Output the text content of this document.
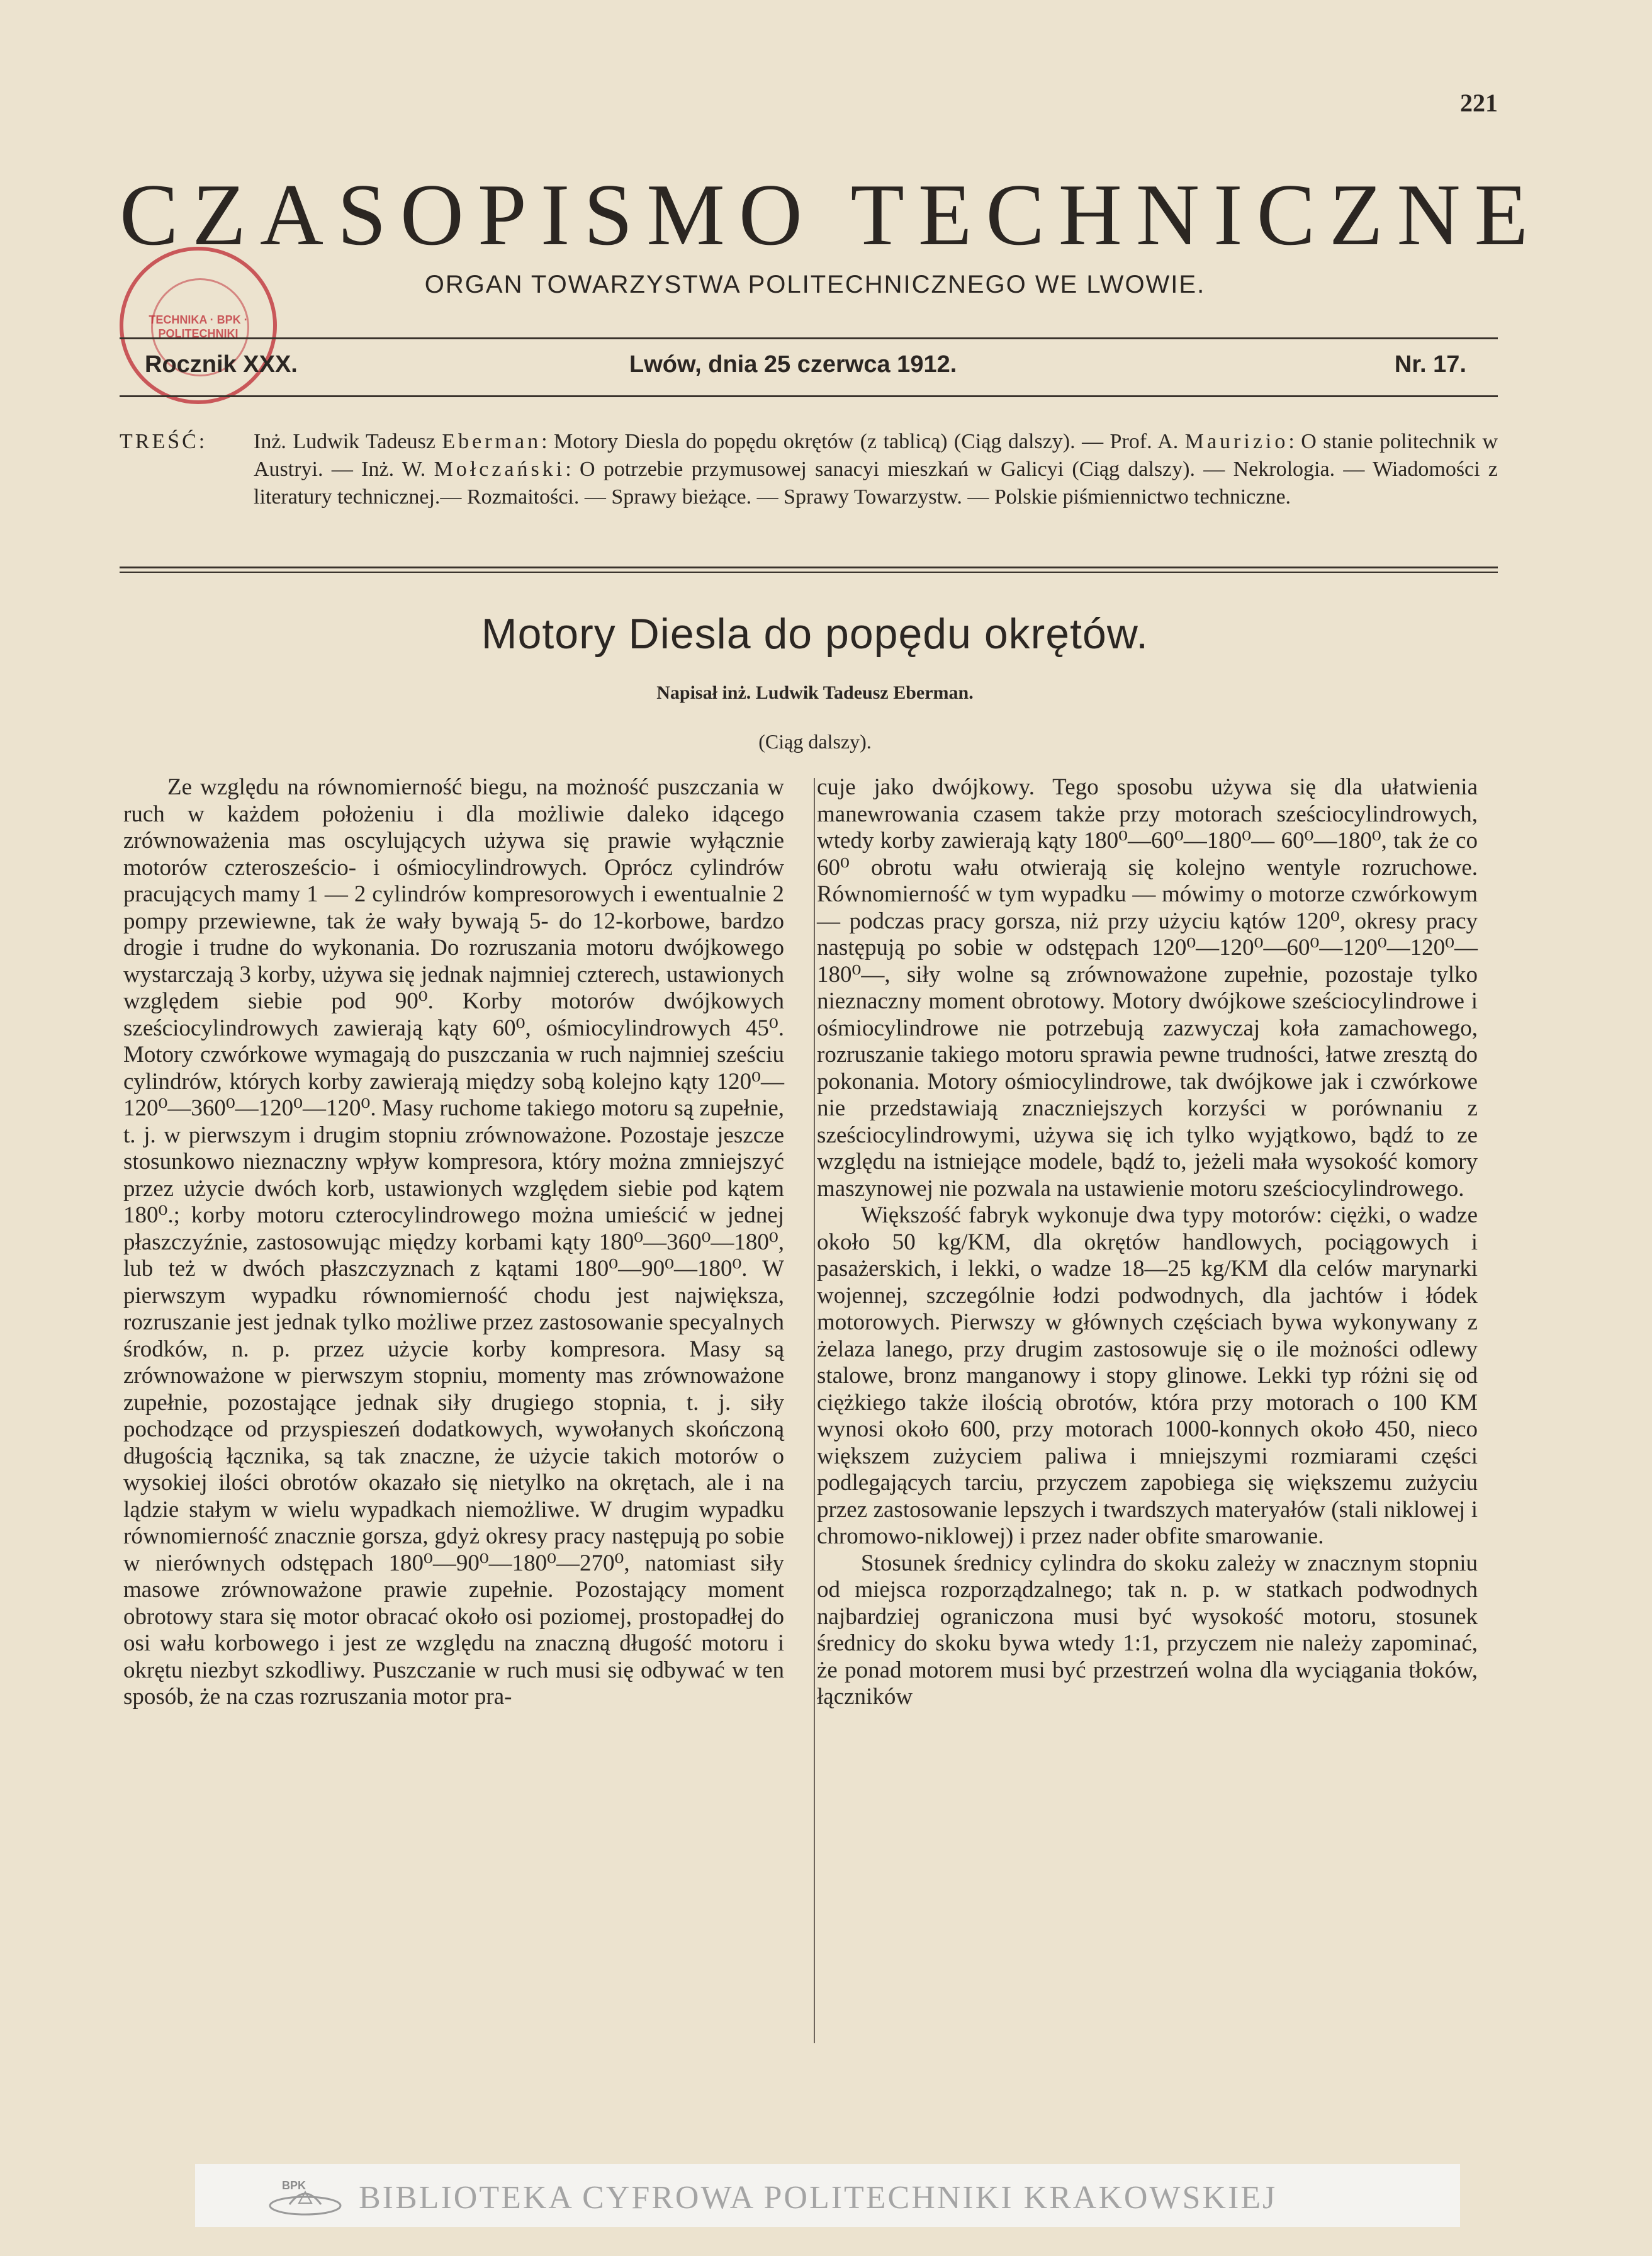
221
CZASOPISMO TECHNICZNE
ORGAN TOWARZYSTWA POLITECHNICZNEGO WE LWOWIE.
TECHNIKA · BPK · POLITECHNIKI
Rocznik XXX.	Lwów, dnia 25 czerwca 1912.	Nr. 17.
TREŚĆ: Inż. Ludwik Tadeusz Eberman: Motory Diesla do popędu okrętów (z tablicą) (Ciąg dalszy). — Prof. A. Maurizio: O stanie politechnik w Austryi. — Inż. W. Mołczański: O potrzebie przymusowej sanacyi mieszkań w Galicyi (Ciąg dalszy). — Nekrologia. — Wiadomości z literatury technicznej.— Rozmaitości. — Sprawy bieżące. — Sprawy Towarzystw. — Polskie piśmiennictwo techniczne.
Motory Diesla do popędu okrętów.
Napisał inż. Ludwik Tadeusz Eberman.
(Ciąg dalszy).

Ze względu na równomierność biegu, na możność puszczania w ruch w każdem położeniu i dla możliwie daleko idącego zrównoważenia mas oscylujących używa się prawie wyłącznie motorów czterosześcio- i ośmiocylindrowych. Oprócz cylindrów pracujących mamy 1 — 2 cylindrów kompresorowych i ewentualnie 2 pompy przewiewne, tak że wały bywają 5- do 12-korbowe, bardzo drogie i trudne do wykonania. Do rozruszania motoru dwójkowego wystarczają 3 korby, używa się jednak najmniej czterech, ustawionych względem siebie pod 90⁰. Korby motorów dwójkowych sześciocylindrowych zawierają kąty 60⁰, ośmiocylindrowych 45⁰. Motory czwórkowe wymagają do puszczania w ruch najmniej sześciu cylindrów, których korby zawierają między sobą kolejno kąty 120⁰—120⁰—360⁰—120⁰—120⁰. Masy ruchome takiego motoru są zupełnie, t. j. w pierwszym i drugim stopniu zrównoważone. Pozostaje jeszcze stosunkowo nieznaczny wpływ kompresora, który można zmniejszyć przez użycie dwóch korb, ustawionych względem siebie pod kątem 180⁰.; korby motoru czterocylindrowego można umieścić w jednej płaszczyźnie, zastosowując między korbami kąty 180⁰—360⁰—180⁰, lub też w dwóch płaszczyznach z kątami 180⁰—90⁰—180⁰. W pierwszym wypadku równomierność chodu jest największa, rozruszanie jest jednak tylko możliwe przez zastosowanie specyalnych środków, n. p. przez użycie korby kompresora. Masy są zrównoważone w pierwszym stopniu, momenty mas zrównoważone zupełnie, pozostające jednak siły drugiego stopnia, t. j. siły pochodzące od przyspieszeń dodatkowych, wywołanych skończoną długością łącznika, są tak znaczne, że użycie takich motorów o wysokiej ilości obrotów okazało się nietylko na okrętach, ale i na lądzie stałym w wielu wypadkach niemożliwe. W drugim wypadku równomierność znacznie gorsza, gdyż okresy pracy następują po sobie w nierównych odstępach 180⁰—90⁰—180⁰—270⁰, natomiast siły masowe zrównoważone prawie zupełnie. Pozostający moment obrotowy stara się motor obracać około osi poziomej, prostopadłej do osi wału korbowego i jest ze względu na znaczną długość motoru i okrętu niezbyt szkodliwy. Puszczanie w ruch musi się odbywać w ten sposób, że na czas rozruszania motor pra-

cuje jako dwójkowy. Tego sposobu używa się dla ułatwienia manewrowania czasem także przy motorach sześciocylindrowych, wtedy korby zawierają kąty 180⁰—60⁰—180⁰— 60⁰—180⁰, tak że co 60⁰ obrotu wału otwierają się kolejno wentyle rozruchowe. Równomierność w tym wypadku — mówimy o motorze czwórkowym — podczas pracy gorsza, niż przy użyciu kątów 120⁰, okresy pracy następują po sobie w odstępach 120⁰—120⁰—60⁰—120⁰—120⁰—180⁰—, siły wolne są zrównoważone zupełnie, pozostaje tylko nieznaczny moment obrotowy. Motory dwójkowe sześciocylindrowe i ośmiocylindrowe nie potrzebują zazwyczaj koła zamachowego, rozruszanie takiego motoru sprawia pewne trudności, łatwe zresztą do pokonania. Motory ośmiocylindrowe, tak dwójkowe jak i czwórkowe nie przedstawiają znaczniejszych korzyści w porównaniu z sześciocylindrowymi, używa się ich tylko wyjątkowo, bądź to ze względu na istniejące modele, bądź to, jeżeli mała wysokość komory maszynowej nie pozwala na ustawienie motoru sześciocylindrowego.

Większość fabryk wykonuje dwa typy motorów: ciężki, o wadze około 50 kg/KM, dla okrętów handlowych, pociągowych i pasażerskich, i lekki, o wadze 18—25 kg/KM dla celów marynarki wojennej, szczególnie łodzi podwodnych, dla jachtów i łódek motorowych. Pierwszy w głównych częściach bywa wykonywany z żelaza lanego, przy drugim zastosowuje się o ile możności odlewy stalowe, bronz manganowy i stopy glinowe. Lekki typ różni się od ciężkiego także ilością obrotów, która przy motorach o 100 KM wynosi około 600, przy motorach 1000-konnych około 450, nieco większem zużyciem paliwa i mniejszymi rozmiarami części podlegających tarciu, przyczem zapobiega się większemu zużyciu przez zastosowanie lepszych i twardszych materyałów (stali niklowej i chromowo-niklowej) i przez nader obfite smarowanie.

Stosunek średnicy cylindra do skoku zależy w znacznym stopniu od miejsca rozporządzalnego; tak n. p. w statkach podwodnych najbardziej ograniczona musi być wysokość motoru, stosunek średnicy do skoku bywa wtedy 1:1, przyczem nie należy zapominać, że ponad motorem musi być przestrzeń wolna dla wyciągania tłoków, łączników

BPK BIBLIOTEKA CYFROWA POLITECHNIKI KRAKOWSKIEJ
